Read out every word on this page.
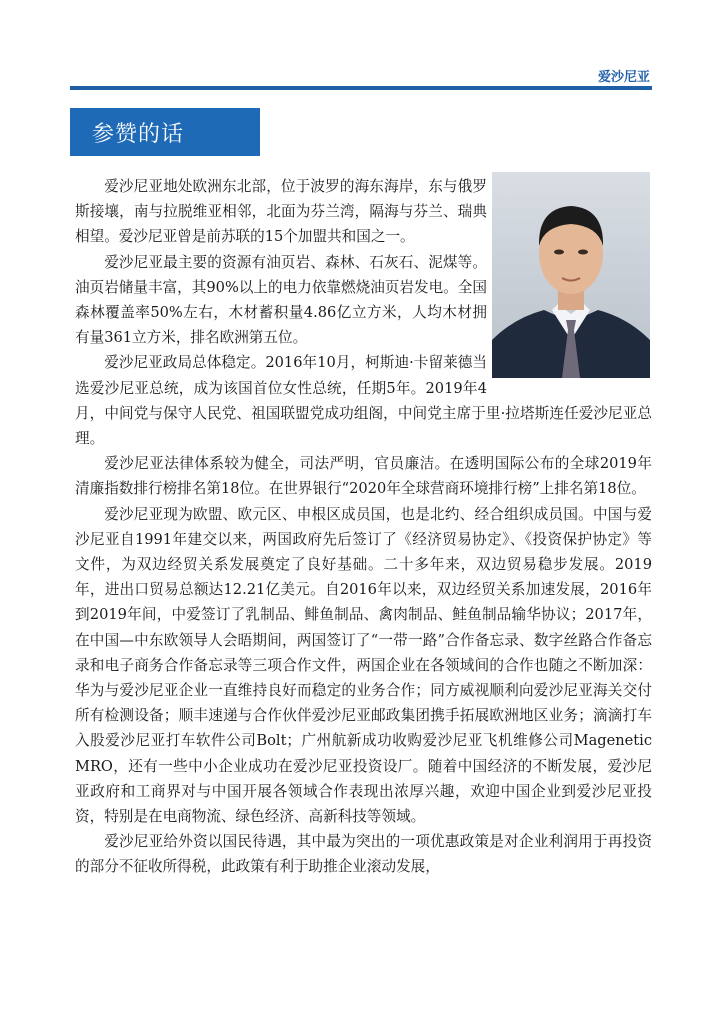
爱沙尼亚
参赞的话

爱沙尼亚地处欧洲东北部，位于波罗的海东海岸，东与俄罗斯接壤，南与拉脱维亚相邻，北面为芬兰湾，隔海与芬兰、瑞典相望。爱沙尼亚曾是前苏联的15个加盟共和国之一。

爱沙尼亚最主要的资源有油页岩、森林、石灰石、泥煤等。油页岩储量丰富，其90%以上的电力依靠燃烧油页岩发电。全国森林覆盖率50%左右，木材蓄积量4.86亿立方米，人均木材拥有量361立方米，排名欧洲第五位。

爱沙尼亚政局总体稳定。2016年10月，柯斯迪·卡留莱德当选爱沙尼亚总统，成为该国首位女性总统，任期5年。2019年4月，中间党与保守人民党、祖国联盟党成功组阁，中间党主席于里·拉塔斯连任爱沙尼亚总理。

爱沙尼亚法律体系较为健全，司法严明，官员廉洁。在透明国际公布的全球2019年清廉指数排行榜排名第18位。在世界银行“2020年全球营商环境排行榜”上排名第18位。

爱沙尼亚现为欧盟、欧元区、申根区成员国，也是北约、经合组织成员国。中国与爱沙尼亚自1991年建交以来，两国政府先后签订了《经济贸易协定》、《投资保护协定》等文件，为双边经贸关系发展奠定了良好基础。二十多年来，双边贸易稳步发展。2019年，进出口贸易总额达12.21亿美元。自2016年以来，双边经贸关系加速发展，2016年到2019年间，中爱签订了乳制品、鲱鱼制品、禽肉制品、鲑鱼制品输华协议；2017年，在中国—中东欧领导人会晤期间，两国签订了“一带一路”合作备忘录、数字丝路合作备忘录和电子商务合作备忘录等三项合作文件，两国企业在各领域间的合作也随之不断加深：华为与爱沙尼亚企业一直维持良好而稳定的业务合作；同方威视顺利向爱沙尼亚海关交付所有检测设备；顺丰速递与合作伙伴爱沙尼亚邮政集团携手拓展欧洲地区业务；滴滴打车入股爱沙尼亚打车软件公司Bolt；广州航新成功收购爱沙尼亚飞机维修公司Magenetic MRO，还有一些中小企业成功在爱沙尼亚投资设厂。随着中国经济的不断发展，爱沙尼亚政府和工商界对与中国开展各领域合作表现出浓厚兴趣，欢迎中国企业到爱沙尼亚投资，特别是在电商物流、绿色经济、高新科技等领域。

爱沙尼亚给外资以国民待遇，其中最为突出的一项优惠政策是对企业利润用于再投资的部分不征收所得税，此政策有利于助推企业滚动发展，
